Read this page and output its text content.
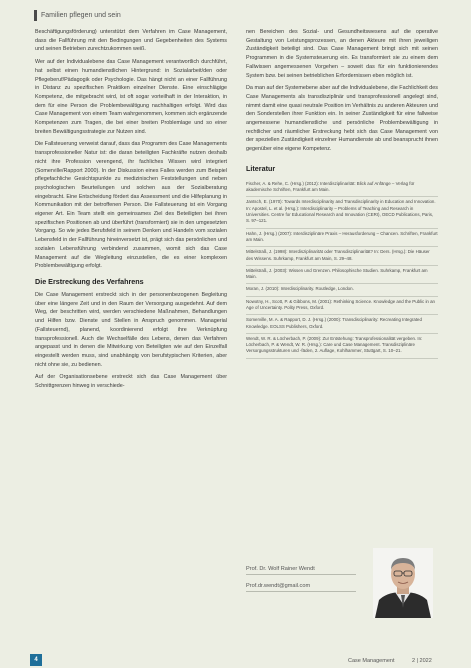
Familien pflegen und sein

Beschäftigungsförderung) unterstützt dem Verfahren im Case Management, dass die Fallführung mit den Bedingungen und Gegebenheiten des Systems und seinen Betrieben zurechtzukommen weiß.

Wer auf der Individualebene das Case Management verantwortlich durchführt, hat selbst einen humandienstlichen Hintergrund: in Sozialarbeit/den oder Pflegeberuf/Pädagogik oder Psychologie. Das hängt nicht an einer Fallführung in Distanz zu spezifischen Praktiken einzelner Dienste. Eine einschlägige Kompetenz, die mitgebracht wird, ist oft sogar vorteilhaft in der Interaktion, in dem für eine Person die Problembewältigung nachhaltigen erfolgt. Wird das Case Management von einem Team wahrgenommen, kommen sich ergänzende Kompetenzen zum Tragen, die bei einer breiten Problemlage und so einer breiten Bewältigungsstrategie zur Nutzen sind.

Die Fallsteuerung verweist darauf, dass das Programm des Case Managements transprofessioneller Natur ist: die daran beteiligten Fachkräfte nutzen deshalb nicht ihre Profession verengend, ihr fachliches Wissen wird integriert (Somerville/Rapport 2000). In der Diskussion eines Falles werden zum Beispiel pflegefachliche Gesichtspunkte zu medizinischen Feststellungen und neben psychologischen Beurteilungen und solchen aus der Sozialberatung eingebracht. Eine Entscheidung fördert das Assessment und die Hilfeplanung in Kommunikation mit der betroffenen Person. Die Fallsteuerung ist ein Vorgang eigener Art. Ein Team stellt ein gemeinsames Ziel des Beteiligten bei ihren spezifischen Positionen ab und überführt (transformiert) sie in den umgesetzten Vorgang. So wie jedes Berufsfeld in seinem Denken und Handeln vom sozialen Lebensfeld in der Fallführung hineinversetzt ist, prägt sich das persönlichen und sozialen Lebensführung verbindend zusammen, womit sich das Case Management auf die Wegleitung einzustellen, die es einer komplexen Problembewältigung erfolgt.

Die Erstreckung des Verfahrens

Die Case Management erstreckt sich in der personenbezogenen Begleitung über eine längere Zeit und in den Raum der Versorgung ausgedehnt. Auf dem Weg, der beschritten wird, werden verschiedene Maßnahmen, Behandlungen und Hilfen bzw. Dienste und Stellen in Anspruch genommen. Managerial (Fallsteuernd), planend, koordinierend erfolgt ihre Verknüpfung transprofessionell. Auch die Wechselfälle des Lebens, denen das Verfahren angepasst und in denen die Mitwirkung von Beteiligten wie auf den Einzelfall eingestellt werden muss, sind unabhängig von berufstypischen Kriterien, aber nicht ohne sie, zu bedienen.

Auf der Organisationsebene erstreckt sich das Case Management über Schnittgrenzen hinweg in verschiede-

nen Bereichen des Sozial- und Gesundheitswesens auf die operative Gestaltung von Leistungsprozessen, an denen Akteure mit ihren jeweiligen Zuständigkeit beteiligt sind. Das Case Management bringt sich mit seinen Programmen in die Systemsteuerung ein. Es transformiert sie zu einem dem Fallwissen angemessenen Vorgehen – soweit das für ein funktionierendes System bzw. bei seinen betrieblichen Erfordernissen eben möglich ist.

Da man auf der Systemebene aber auf die Individualebene, die Fachlichkeit des Case Managements als transdisziplinär und transprofessionell angelegt sind, nimmt damit eine quasi neutrale Position im Verhältnis zu anderen Akteuren und den Sonderstellen ihrer Funktion ein. In seiner Zuständigkeit für eine fallweise angemessene humandienstliche und persönliche Problembewältigung in rechtlicher und räumlicher Erstreckung hebt sich das Case Management von der speziellen Zuständigkeit einzelner Humandienste ab und beansprucht ihnen gegenüber eine eigene Kompetenz.

Literatur
Fischer, A. & Rehe, C. (Hrsg.) (2012): Interdisziplinarität: Blick auf Anfänge – Verlag für akademische Schriften, Frankfurt am Main.
Jantsch, E. (1970): Towards Interdisciplinarity and Transdisciplinarity in Education and Innovation. In: Apostel, L. et al. (Hrsg.): Interdisciplinarity – Problems of Teaching and Research in Universities. Centre for Educational Research and Innovation (CERI), OECD Publications, Paris, S. 97–121.
Hahn, J. (Hrsg.) (2007): Interdisziplinäre Praxis – Herausforderung – Chancen. Schriften, Frankfurt am Main.
Mittelstraß, J. (1998): Interdisziplinarität oder Transdisziplinarität? In: Ders. (Hrsg.): Die Häuser des Wissens. Suhrkamp, Frankfurt am Main, S. 29–48.
Mittelstraß, J. (2003): Wissen und Grenzen. Philosophische Studien. Suhrkamp, Frankfurt am Main.
Moran, J. (2010): Interdisciplinarity. Routledge, London.
Nowotny, H., Scott, P. & Gibbons, M. (2001): Rethinking Science. Knowledge and the Public in an Age of Uncertainty. Polity Press, Oxford.
Somerville, M. A. & Rapport, D. J. (Hrsg.) (2000): Transdisciplinarity: Recreating Integrated Knowledge. EOLSS Publishers, Oxford.
Wendt, W. R. & Löcherbach, P. (2009): Zur Entstehung: Transprofessionalität vergeben. In: Löcherbach, P. & Wendt, W. R. (Hrsg.): Care und Case Management. Transdisziplinäre Versorgungsstrukturen und -fäden, 2. Auflage, Kohlhammer, Stuttgart, S. 10–21.
Prof. Dr. Wolf Rainer Wendt
Prof.dr.wendt@gmail.com
4	Case Management	2 | 2022
